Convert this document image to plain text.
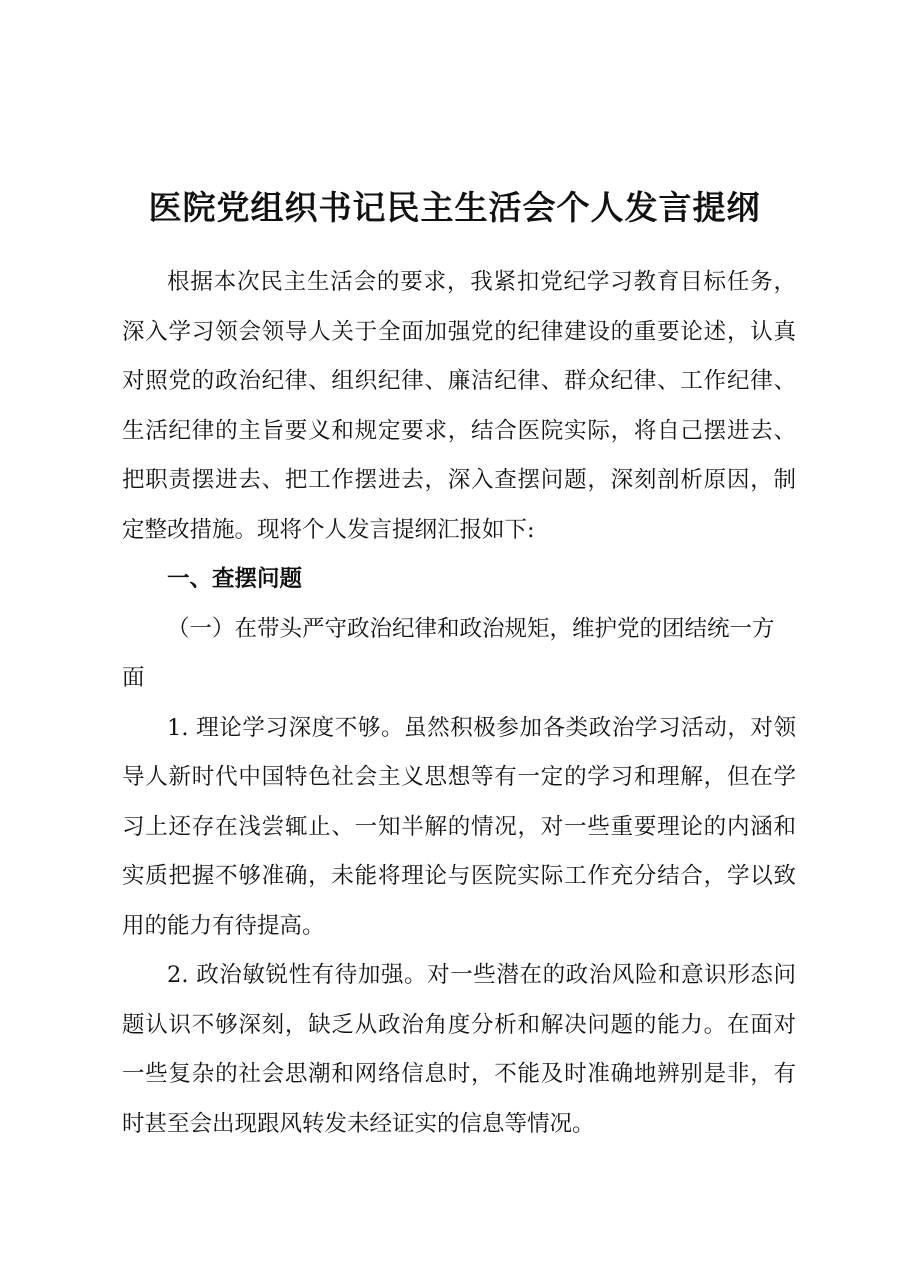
医院党组织书记民主生活会个人发言提纲

根据本次民主生活会的要求，我紧扣党纪学习教育目标任务，深入学习领会领导人关于全面加强党的纪律建设的重要论述，认真对照党的政治纪律、组织纪律、廉洁纪律、群众纪律、工作纪律、生活纪律的主旨要义和规定要求，结合医院实际，将自己摆进去、把职责摆进去、把工作摆进去，深入查摆问题，深刻剖析原因，制定整改措施。现将个人发言提纲汇报如下:

一、查摆问题

（一）在带头严守政治纪律和政治规矩，维护党的团结统一方面

1. 理论学习深度不够。虽然积极参加各类政治学习活动，对领导人新时代中国特色社会主义思想等有一定的学习和理解，但在学习上还存在浅尝辄止、一知半解的情况，对一些重要理论的内涵和实质把握不够准确，未能将理论与医院实际工作充分结合，学以致用的能力有待提高。

2. 政治敏锐性有待加强。对一些潜在的政治风险和意识形态问题认识不够深刻，缺乏从政治角度分析和解决问题的能力。在面对一些复杂的社会思潮和网络信息时，不能及时准确地辨别是非，有时甚至会出现跟风转发未经证实的信息等情况。
